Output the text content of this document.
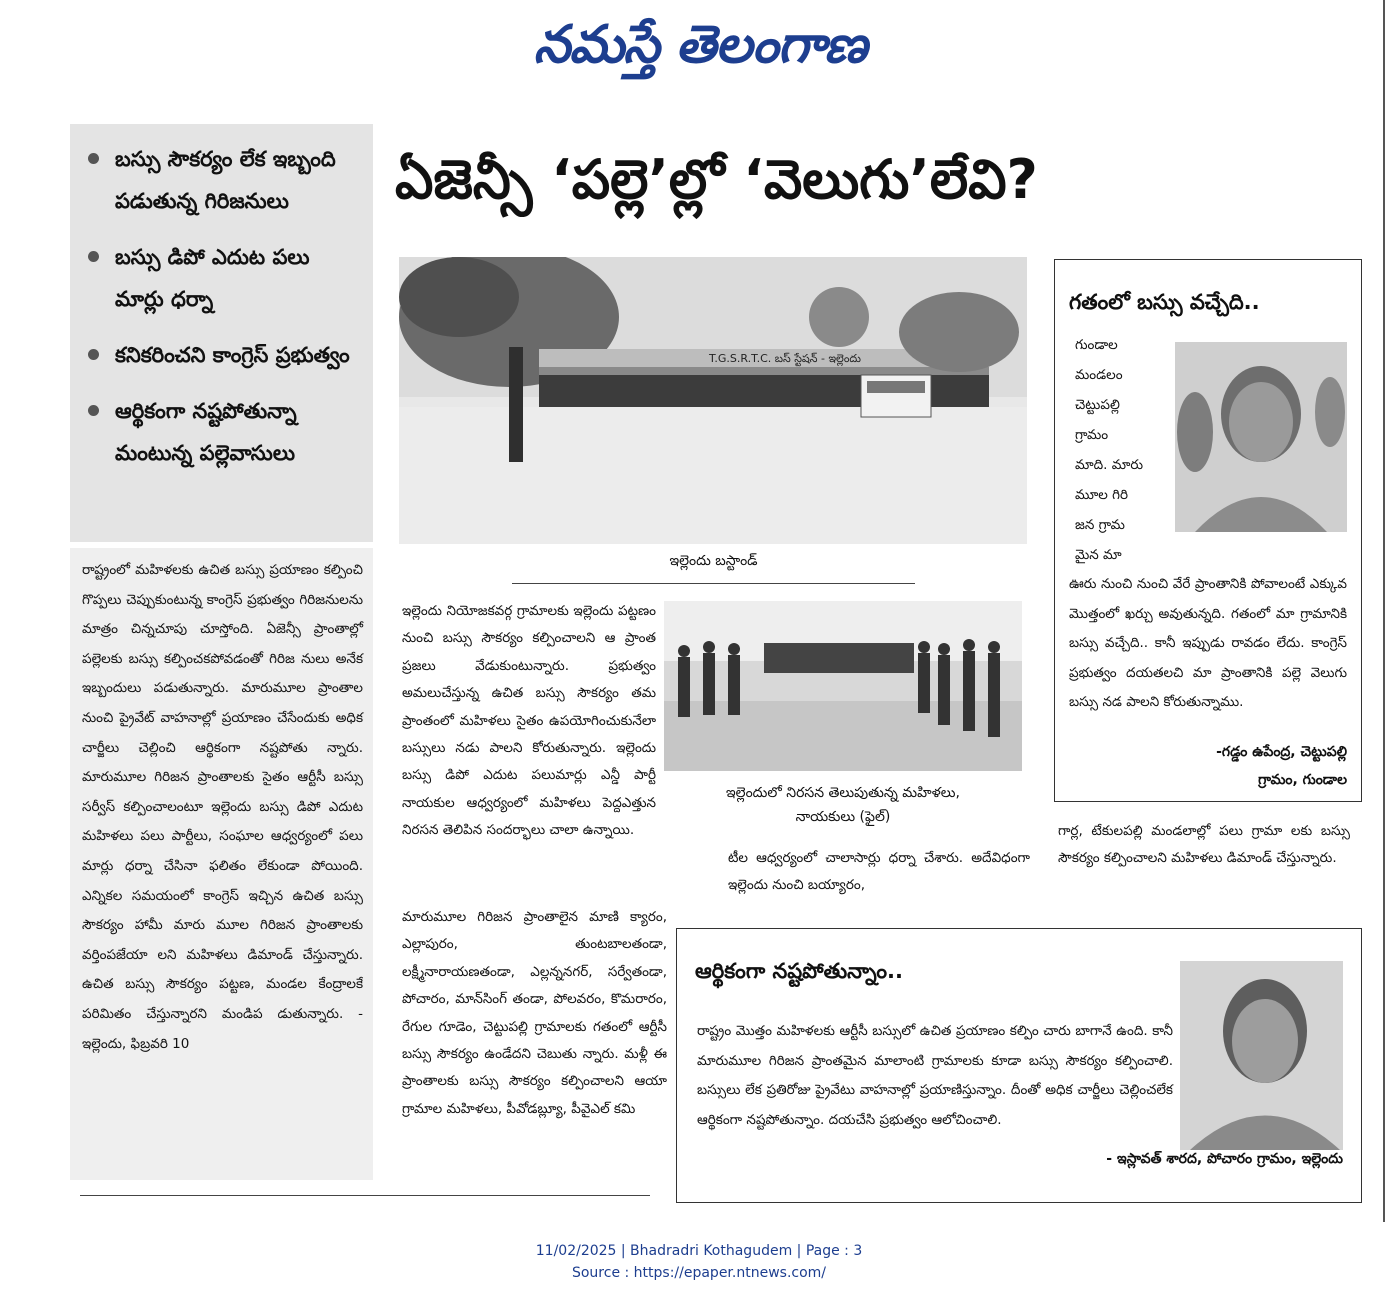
నమస్తే తెలంగాణ
బస్సు సౌకర్యం లేక ఇబ్బంది పడుతున్న గిరిజనులు
బస్సు డిపో ఎదుట పలు మార్లు ధర్నా
కనికరించని కాంగ్రెస్ ప్రభుత్వం
ఆర్థికంగా నష్టపోతున్నా మంటున్న పల్లెవాసులు
ఏజెన్సీ ‘పల్లె’ల్లో ‘వెలుగు’లేవి?
రాష్ట్రంలో మహిళలకు ఉచిత బస్సు ప్రయాణం కల్పించి గొప్పలు చెప్పుకుంటున్న కాంగ్రెస్ ప్రభుత్వం గిరిజనులను మాత్రం చిన్నచూపు చూస్తోంది. ఏజెన్సీ ప్రాంతాల్లో పల్లెలకు బస్సు కల్పించకపోవడంతో గిరిజ నులు అనేక ఇబ్బందులు పడుతున్నారు. మారుమూల ప్రాంతాల నుంచి ప్రైవేట్ వాహనాల్లో ప్రయాణం చేసేందుకు అధిక చార్జీలు చెల్లించి ఆర్థికంగా నష్టపోతు న్నారు. మారుమూల గిరిజన ప్రాంతాలకు సైతం ఆర్టీసీ బస్సు సర్వీస్ కల్పించాలంటూ ఇల్లెందు బస్సు డిపో ఎదుట మహిళలు పలు పార్టీలు, సంఘాల ఆధ్వర్యంలో పలు మార్లు ధర్నా చేసినా ఫలితం లేకుండా పోయింది. ఎన్నికల సమయంలో కాంగ్రెస్ ఇచ్చిన ఉచిత బస్సు సౌకర్యం హామీ మారు మూల గిరిజన ప్రాంతాలకు వర్తింపజేయా లని మహిళలు డిమాండ్ చేస్తున్నారు. ఉచిత బస్సు సౌకర్యం పట్టణ, మండల కేంద్రాలకే పరిమితం చేస్తున్నారని మండిప డుతున్నారు. - ఇల్లెందు, ఫిబ్రవరి 10
T.G.S.R.T.C. బస్ స్టేషన్ - ఇల్లెందు
ఇల్లెందు బస్టాండ్
ఇల్లెందు నియోజకవర్గ గ్రామాలకు ఇల్లెందు పట్టణం నుంచి బస్సు సౌకర్యం కల్పించాలని ఆ ప్రాంత ప్రజలు వేడుకుంటున్నారు. ప్రభుత్వం అమలుచేస్తున్న ఉచిత బస్సు సౌకర్యం తమ ప్రాంతంలో మహిళలు సైతం ఉపయోగించుకునేలా బస్సులు నడు పాలని కోరుతున్నారు. ఇల్లెందు బస్సు డిపో ఎదుట పలుమార్లు ఎన్డీ పార్టీ నాయకుల ఆధ్వర్యంలో మహిళలు పెద్దఎత్తున నిరసన తెలిపిన సందర్భాలు చాలా ఉన్నాయి.
ఇల్లెందులో నిరసన తెలుపుతున్న మహిళలు,
నాయకులు (ఫైల్)
మారుమూల గిరిజన ప్రాంతాలైన మాణి క్యారం, ఎల్లాపురం, తుంటబాలతండా, లక్ష్మీనారాయణతండా, ఎల్లన్ననగర్, సర్వేతండా, పోచారం, మాన్‌సింగ్ తండా, పోలవరం, కొమరారం, రేగుల గూడెం, చెట్టుపల్లి గ్రామాలకు గతంలో ఆర్టీసీ బస్సు సౌకర్యం ఉండేదని చెబుతు న్నారు. మళ్లీ ఈ ప్రాంతాలకు బస్సు సౌకర్యం కల్పించాలని ఆయా గ్రామాల మహిళలు, పీవోడబ్ల్యూ, పీవైఎల్ కమి
టీల ఆధ్వర్యంలో చాలాసార్లు ధర్నా చేశారు. అదేవిధంగా ఇల్లెందు నుంచి బయ్యారం,
గార్ల, టేకులపల్లి మండలాల్లో పలు గ్రామా లకు బస్సు సౌకర్యం కల్పించాలని మహిళలు డిమాండ్ చేస్తున్నారు.
గతంలో బస్సు వచ్చేది..
గుండాల
మండలం
చెట్టుపల్లి
గ్రామం
మాది. మారు
మూల గిరి
జన గ్రామ
మైన మా
ఊరు నుంచి నుంచి వేరే ప్రాంతానికి పోవాలంటే ఎక్కువ మొత్తంలో ఖర్చు అవుతున్నది. గతంలో మా గ్రామానికి బస్సు వచ్చేది.. కానీ ఇప్పుడు రావడం లేదు. కాంగ్రెస్ ప్రభుత్వం దయతలచి మా ప్రాంతానికి పల్లె వెలుగు బస్సు నడ పాలని కోరుతున్నాము.
-గడ్డం ఉపేంద్ర, చెట్టుపల్లి
గ్రామం, గుండాల
ఆర్థికంగా నష్టపోతున్నాం..
రాష్ట్రం మొత్తం మహిళలకు ఆర్టీసీ బస్సులో ఉచిత ప్రయాణం కల్పిం చారు బాగానే ఉంది. కానీ మారుమూల గిరిజన ప్రాంతమైన మాలాంటి గ్రామాలకు కూడా బస్సు సౌకర్యం కల్పించాలి. బస్సులు లేక ప్రతిరోజు ప్రైవేటు వాహనాల్లో ప్రయాణిస్తున్నాం. దీంతో అధిక చార్జీలు చెల్లించలేక ఆర్థికంగా నష్టపోతున్నాం. దయచేసి ప్రభుత్వం ఆలోచించాలి.
- ఇస్లావత్ శారద, పోచారం గ్రామం, ఇల్లెందు
11/02/2025 | Bhadradri Kothagudem | Page : 3
Source : https://epaper.ntnews.com/
